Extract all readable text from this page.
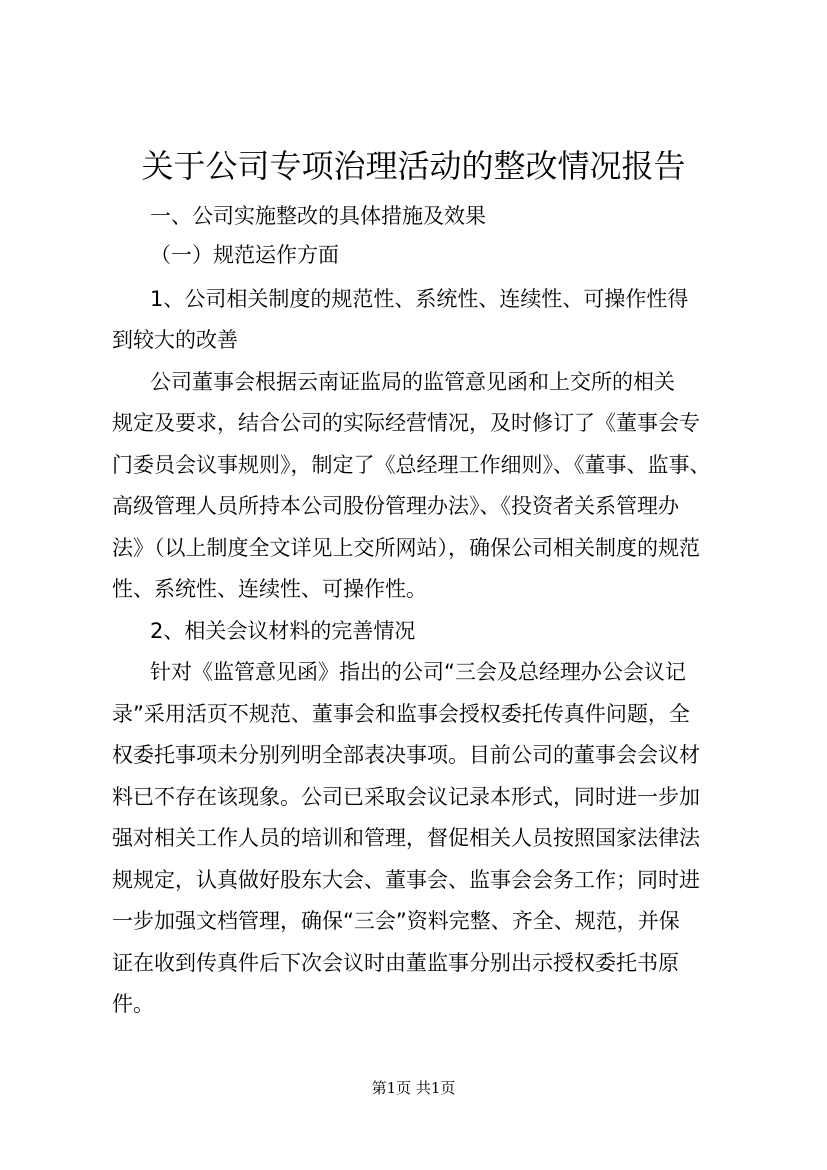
关于公司专项治理活动的整改情况报告
一、公司实施整改的具体措施及效果
（一）规范运作方面
1、公司相关制度的规范性、系统性、连续性、可操作性得
到较大的改善
公司董事会根据云南证监局的监管意见函和上交所的相关
规定及要求，结合公司的实际经营情况，及时修订了《董事会专
门委员会议事规则》，制定了《总经理工作细则》、《董事、监事、
高级管理人员所持本公司股份管理办法》、《投资者关系管理办
法》（以上制度全文详见上交所网站），确保公司相关制度的规范
性、系统性、连续性、可操作性。
2、相关会议材料的完善情况
针对《监管意见函》指出的公司“三会及总经理办公会议记
录”采用活页不规范、董事会和监事会授权委托传真件问题，全
权委托事项未分别列明全部表决事项。目前公司的董事会会议材
料已不存在该现象。公司已采取会议记录本形式，同时进一步加
强对相关工作人员的培训和管理，督促相关人员按照国家法律法
规规定，认真做好股东大会、董事会、监事会会务工作；同时进
一步加强文档管理，确保“三会”资料完整、齐全、规范，并保
证在收到传真件后下次会议时由董监事分别出示授权委托书原
件。
第1页 共1页
